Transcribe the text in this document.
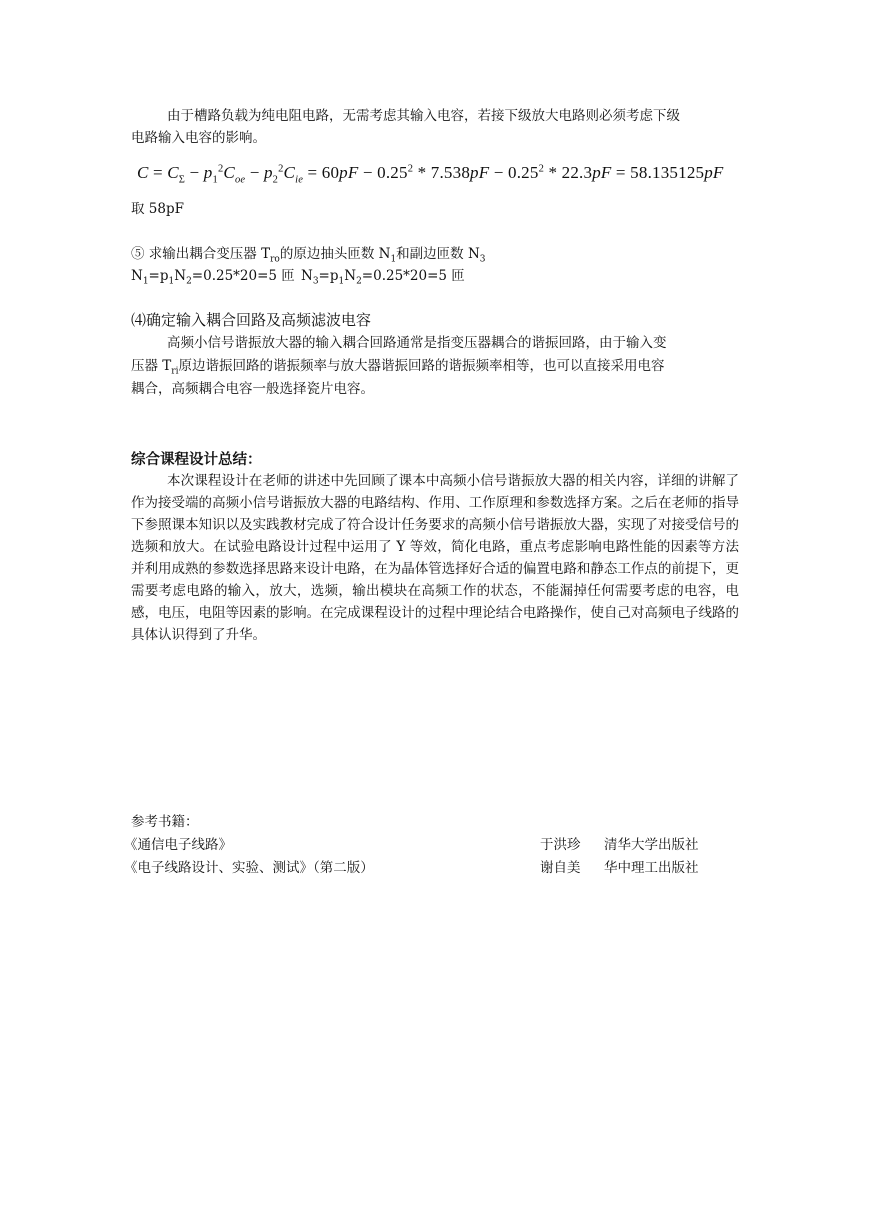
由于槽路负载为纯电阻电路，无需考虑其输入电容，若接下级放大电路则必须考虑下级
电路输入电容的影响。
$C = C_\Sigma - p_1^2C_{oe} - p_2^2C_{ie} = 60pF - 0.25^2 * 7.538pF - 0.25^2 * 22.3pF = 58.135125pF$
取 58pF
⑤ 求输出耦合变压器 $T_{ro}$的原边抽头匝数 $N_1$和副边匝数 $N_3$
$N_1=p_1N_2=0.25*20=5$ 匝 $N_3=p_1N_2=0.25*20=5$ 匝
⑷确定输入耦合回路及高频滤波电容
高频小信号谐振放大器的输入耦合回路通常是指变压器耦合的谐振回路，由于输入变
压器 $T_{ri}$原边谐振回路的谐振频率与放大器谐振回路的谐振频率相等，也可以直接采用电容
耦合，高频耦合电容一般选择瓷片电容。
综合课程设计总结：
本次课程设计在老师的讲述中先回顾了课本中高频小信号谐振放大器的相关内容，详细的讲解了作为接受端的高频小信号谐振放大器的电路结构、作用、工作原理和参数选择方案。之后在老师的指导下参照课本知识以及实践教材完成了符合设计任务要求的高频小信号谐振放大器，实现了对接受信号的选频和放大。在试验电路设计过程中运用了 Y 等效，简化电路，重点考虑影响电路性能的因素等方法并利用成熟的参数选择思路来设计电路，在为晶体管选择好合适的偏置电路和静态工作点的前提下，更需要考虑电路的输入，放大，选频，输出模块在高频工作的状态，不能漏掉任何需要考虑的电容，电感，电压，电阻等因素的影响。在完成课程设计的过程中理论结合电路操作，使自己对高频电子线路的具体认识得到了升华。
参考书籍：
《通信电子线路》	于洪珍 清华大学出版社
《电子线路设计、实验、测试》（第二版）	谢自美 华中理工出版社
